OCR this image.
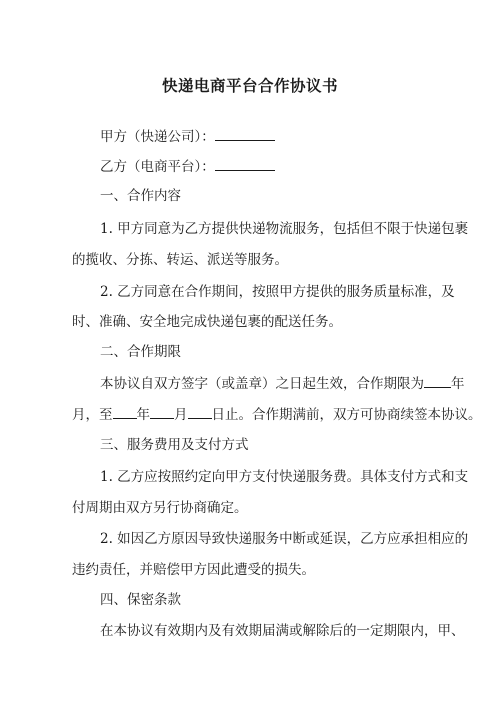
快递电商平台合作协议书
甲方（快递公司）：
乙方（电商平台）：
一、合作内容
1. 甲方同意为乙方提供快递物流服务，包括但不限于快递包裹
的揽收、分拣、转运、派送等服务。
2. 乙方同意在合作期间，按照甲方提供的服务质量标准，及
时、准确、安全地完成快递包裹的配送任务。
二、合作期限
本协议自双方签字（或盖章）之日起生效，合作期限为 年
月，至 年 月 日止。合作期满前，双方可协商续签本协议。
三、服务费用及支付方式
1. 乙方应按照约定向甲方支付快递服务费。具体支付方式和支
付周期由双方另行协商确定。
2. 如因乙方原因导致快递服务中断或延误，乙方应承担相应的
违约责任，并赔偿甲方因此遭受的损失。
四、保密条款
在本协议有效期内及有效期届满或解除后的一定期限内，甲、
